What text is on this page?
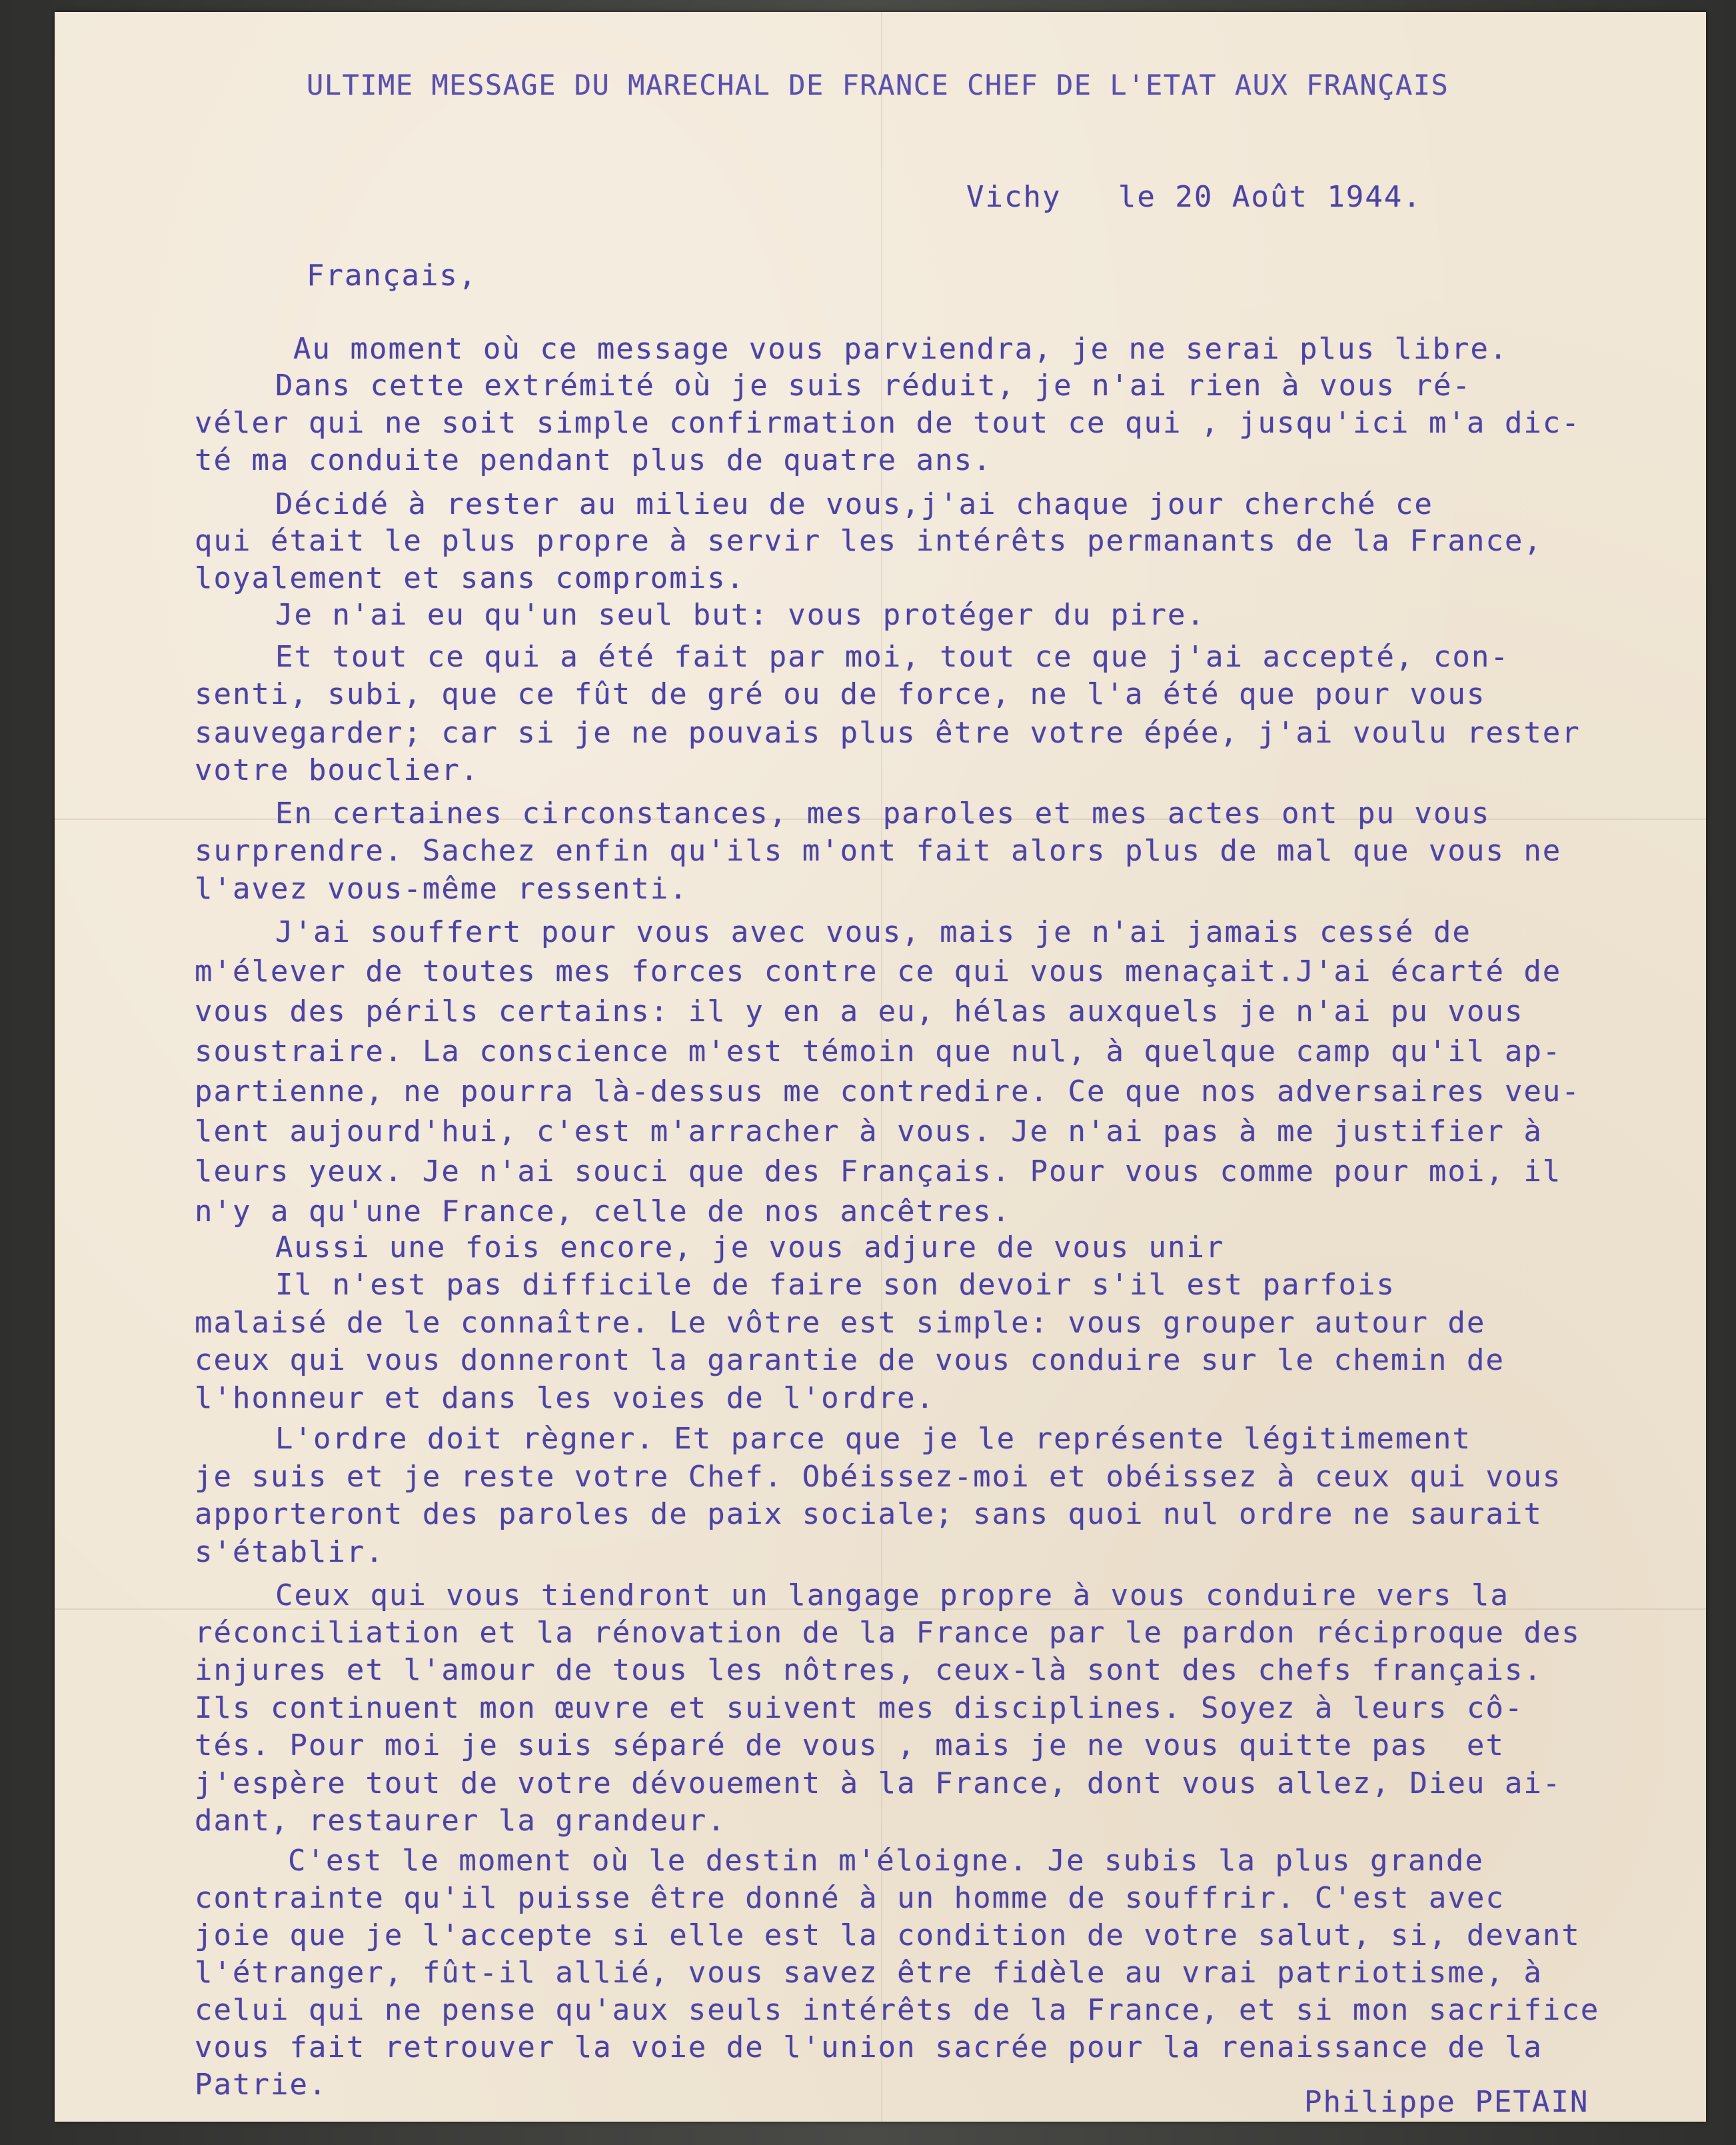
ULTIME MESSAGE DU MARECHAL DE FRANCE CHEF DE L'ETAT AUX FRANÇAIS
Vichy   le 20 Août 1944.
Français,
Au moment où ce message vous parviendra, je ne serai plus libre.
Dans cette extrémité où je suis réduit, je n'ai rien à vous ré-
véler qui ne soit simple confirmation de tout ce qui , jusqu'ici m'a dic-
té ma conduite pendant plus de quatre ans.
Décidé à rester au milieu de vous,j'ai chaque jour cherché ce
qui était le plus propre à servir les intérêts permanants de la France,
loyalement et sans compromis.
Je n'ai eu qu'un seul but: vous protéger du pire.
Et tout ce qui a été fait par moi, tout ce que j'ai accepté, con-
senti, subi, que ce fût de gré ou de force, ne l'a été que pour vous
sauvegarder; car si je ne pouvais plus être votre épée, j'ai voulu rester
votre bouclier.
En certaines circonstances, mes paroles et mes actes ont pu vous
surprendre. Sachez enfin qu'ils m'ont fait alors plus de mal que vous ne
l'avez vous-même ressenti.
J'ai souffert pour vous avec vous, mais je n'ai jamais cessé de
m'élever de toutes mes forces contre ce qui vous menaçait.J'ai écarté de
vous des périls certains: il y en a eu, hélas auxquels je n'ai pu vous
soustraire. La conscience m'est témoin que nul, à quelque camp qu'il ap-
partienne, ne pourra là-dessus me contredire. Ce que nos adversaires veu-
lent aujourd'hui, c'est m'arracher à vous. Je n'ai pas à me justifier à
leurs yeux. Je n'ai souci que des Français. Pour vous comme pour moi, il
n'y a qu'une France, celle de nos ancêtres.
Aussi une fois encore, je vous adjure de vous unir
Il n'est pas difficile de faire son devoir s'il est parfois
malaisé de le connaître. Le vôtre est simple: vous grouper autour de
ceux qui vous donneront la garantie de vous conduire sur le chemin de
l'honneur et dans les voies de l'ordre.
L'ordre doit règner. Et parce que je le représente légitimement
je suis et je reste votre Chef. Obéissez-moi et obéissez à ceux qui vous
apporteront des paroles de paix sociale; sans quoi nul ordre ne saurait
s'établir.
Ceux qui vous tiendront un langage propre à vous conduire vers la
réconciliation et la rénovation de la France par le pardon réciproque des
injures et l'amour de tous les nôtres, ceux-là sont des chefs français.
Ils continuent mon œuvre et suivent mes disciplines. Soyez à leurs cô-
tés. Pour moi je suis séparé de vous , mais je ne vous quitte pas  et
j'espère tout de votre dévouement à la France, dont vous allez, Dieu ai-
dant, restaurer la grandeur.
C'est le moment où le destin m'éloigne. Je subis la plus grande
contrainte qu'il puisse être donné à un homme de souffrir. C'est avec
joie que je l'accepte si elle est la condition de votre salut, si, devant
l'étranger, fût-il allié, vous savez être fidèle au vrai patriotisme, à
celui qui ne pense qu'aux seuls intérêts de la France, et si mon sacrifice
vous fait retrouver la voie de l'union sacrée pour la renaissance de la
Patrie.
Philippe PETAIN
